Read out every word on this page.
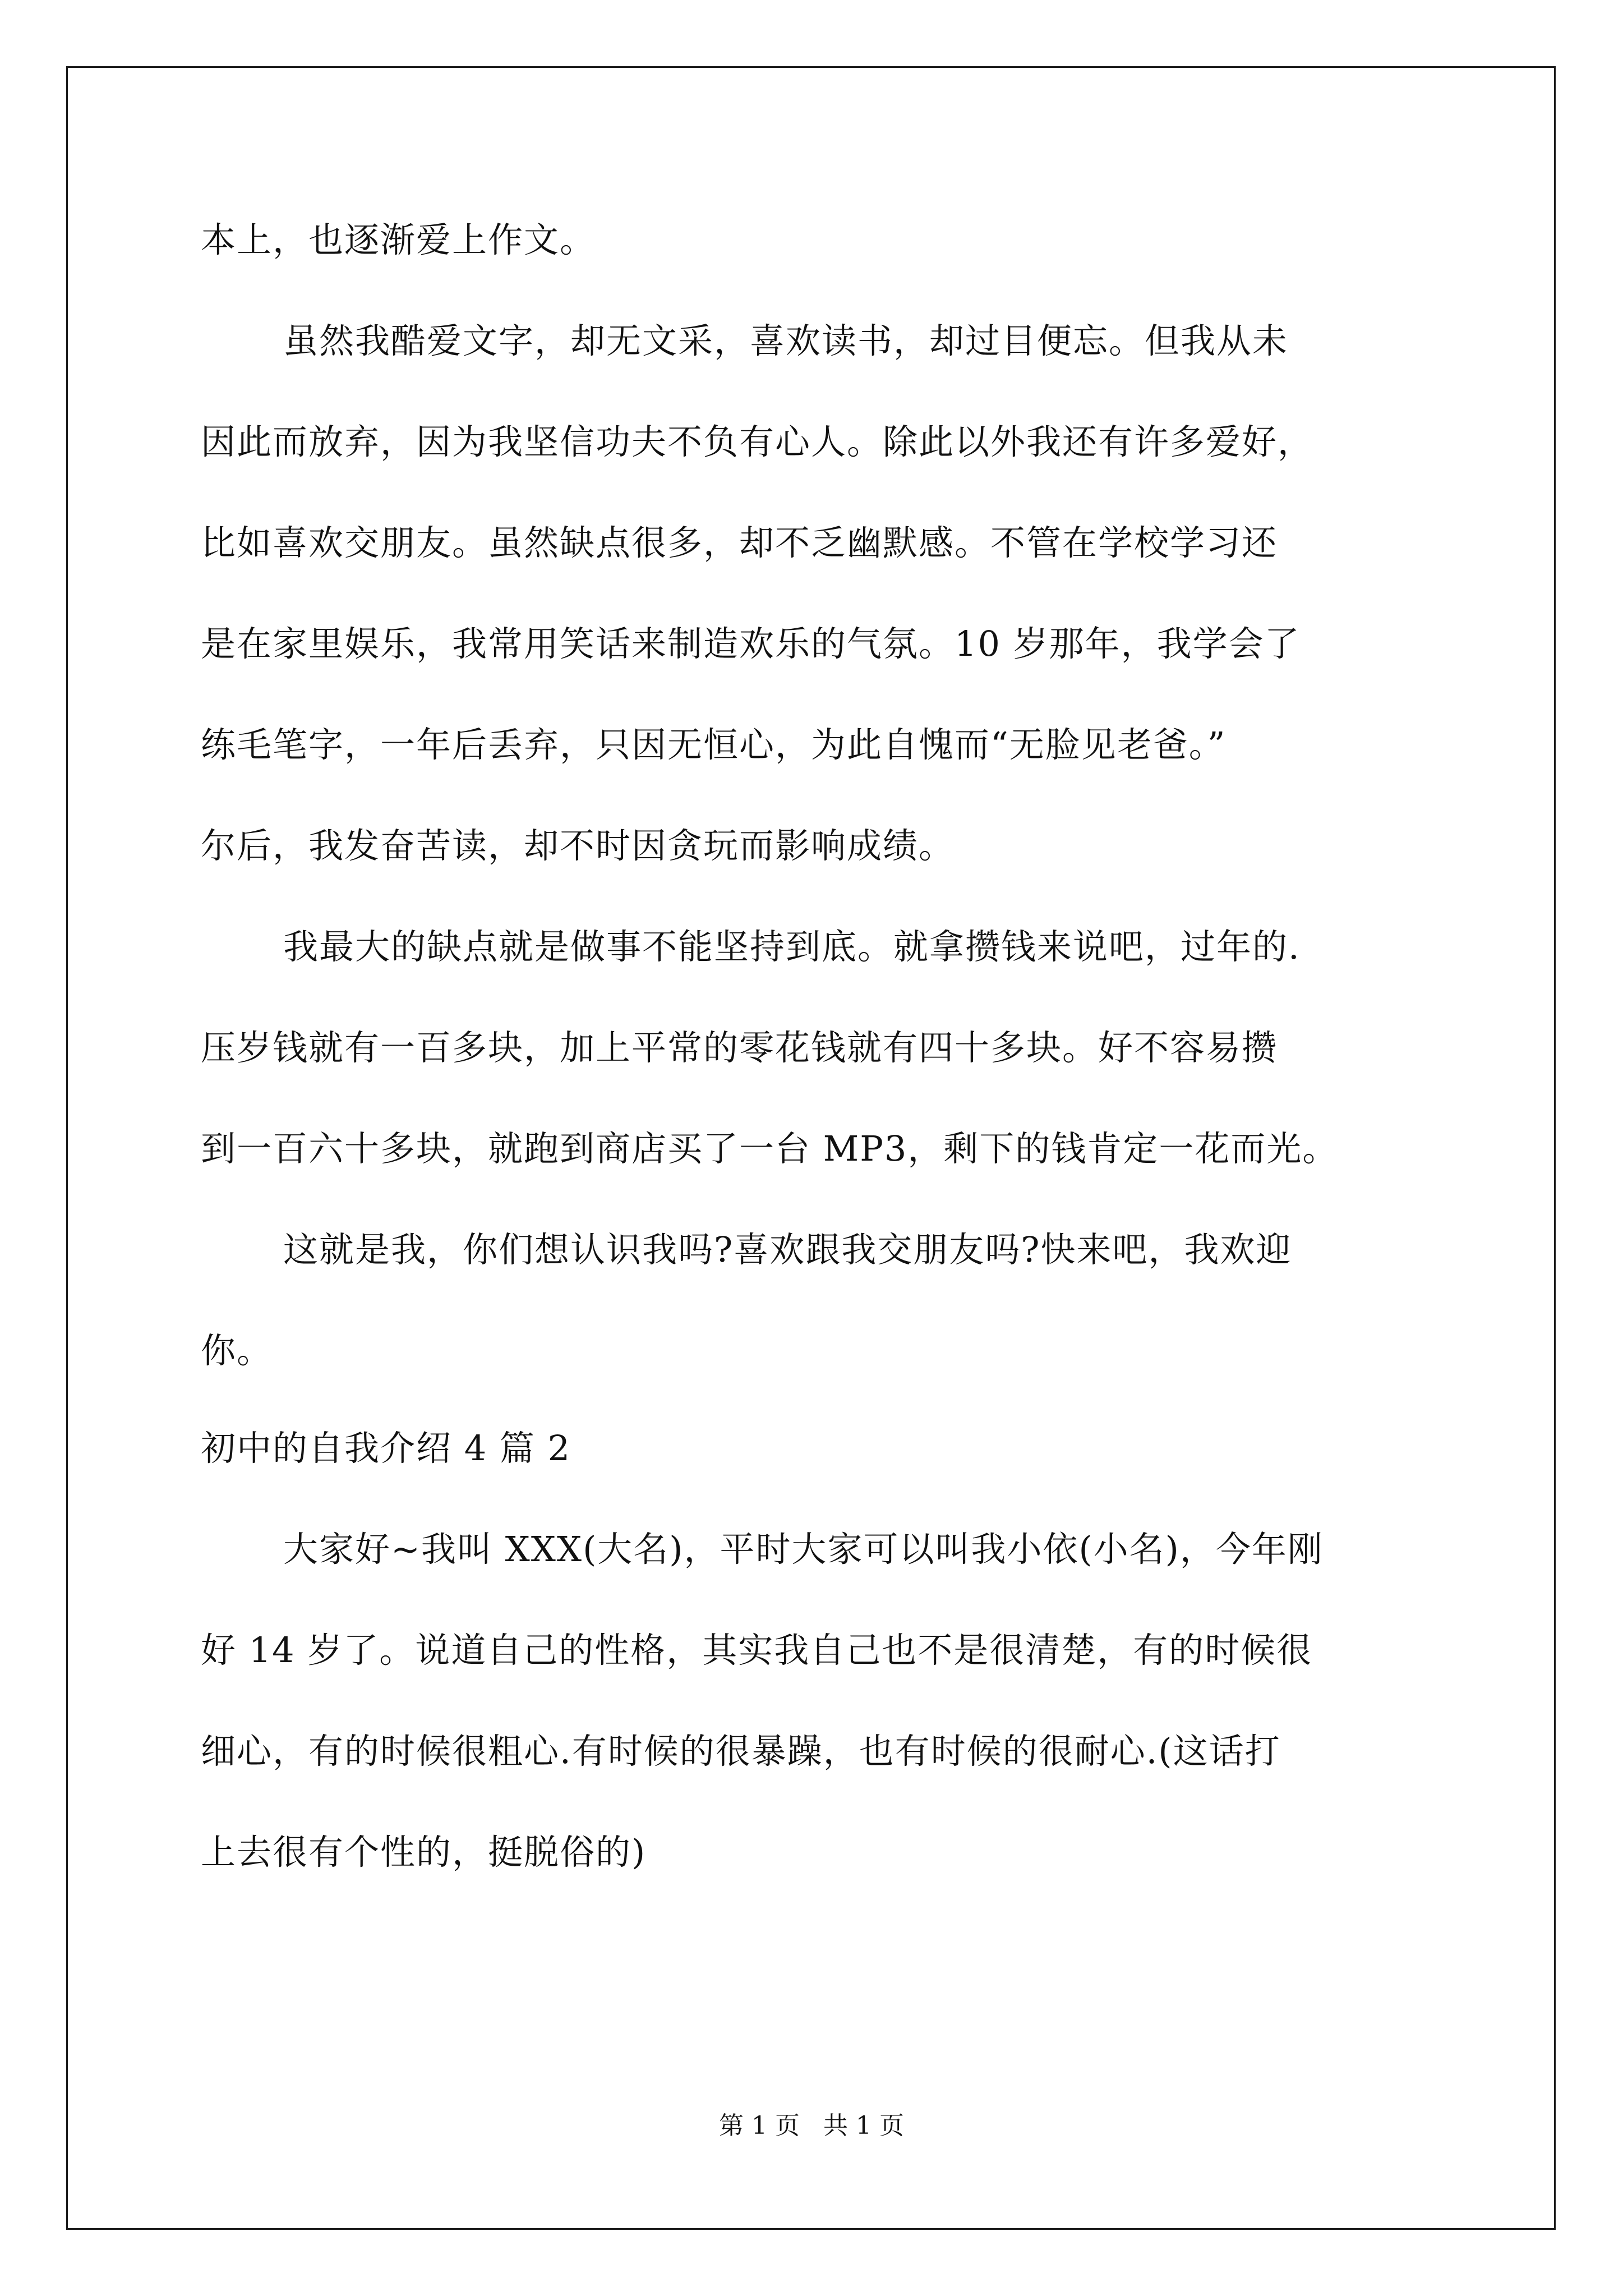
本上，也逐渐爱上作文。
虽然我酷爱文字，却无文采，喜欢读书，却过目便忘。但我从未
因此而放弃，因为我坚信功夫不负有心人。除此以外我还有许多爱好，
比如喜欢交朋友。虽然缺点很多，却不乏幽默感。不管在学校学习还
是在家里娱乐，我常用笑话来制造欢乐的气氛。10 岁那年，我学会了
练毛笔字，一年后丢弃，只因无恒心，为此自愧而“无脸见老爸。”
尔后，我发奋苦读，却不时因贪玩而影响成绩。
我最大的缺点就是做事不能坚持到底。就拿攒钱来说吧，过年的.
压岁钱就有一百多块，加上平常的零花钱就有四十多块。好不容易攒
到一百六十多块，就跑到商店买了一台 MP3，剩下的钱肯定一花而光。
这就是我，你们想认识我吗?喜欢跟我交朋友吗?快来吧，我欢迎
你。
初中的自我介绍 4 篇 2
大家好~我叫 XXX(大名)，平时大家可以叫我小依(小名)，今年刚
好 14 岁了。说道自己的性格，其实我自己也不是很清楚，有的时候很
细心，有的时候很粗心.有时候的很暴躁，也有时候的很耐心.(这话打
上去很有个性的，挺脱俗的)
第 1 页   共 1 页
